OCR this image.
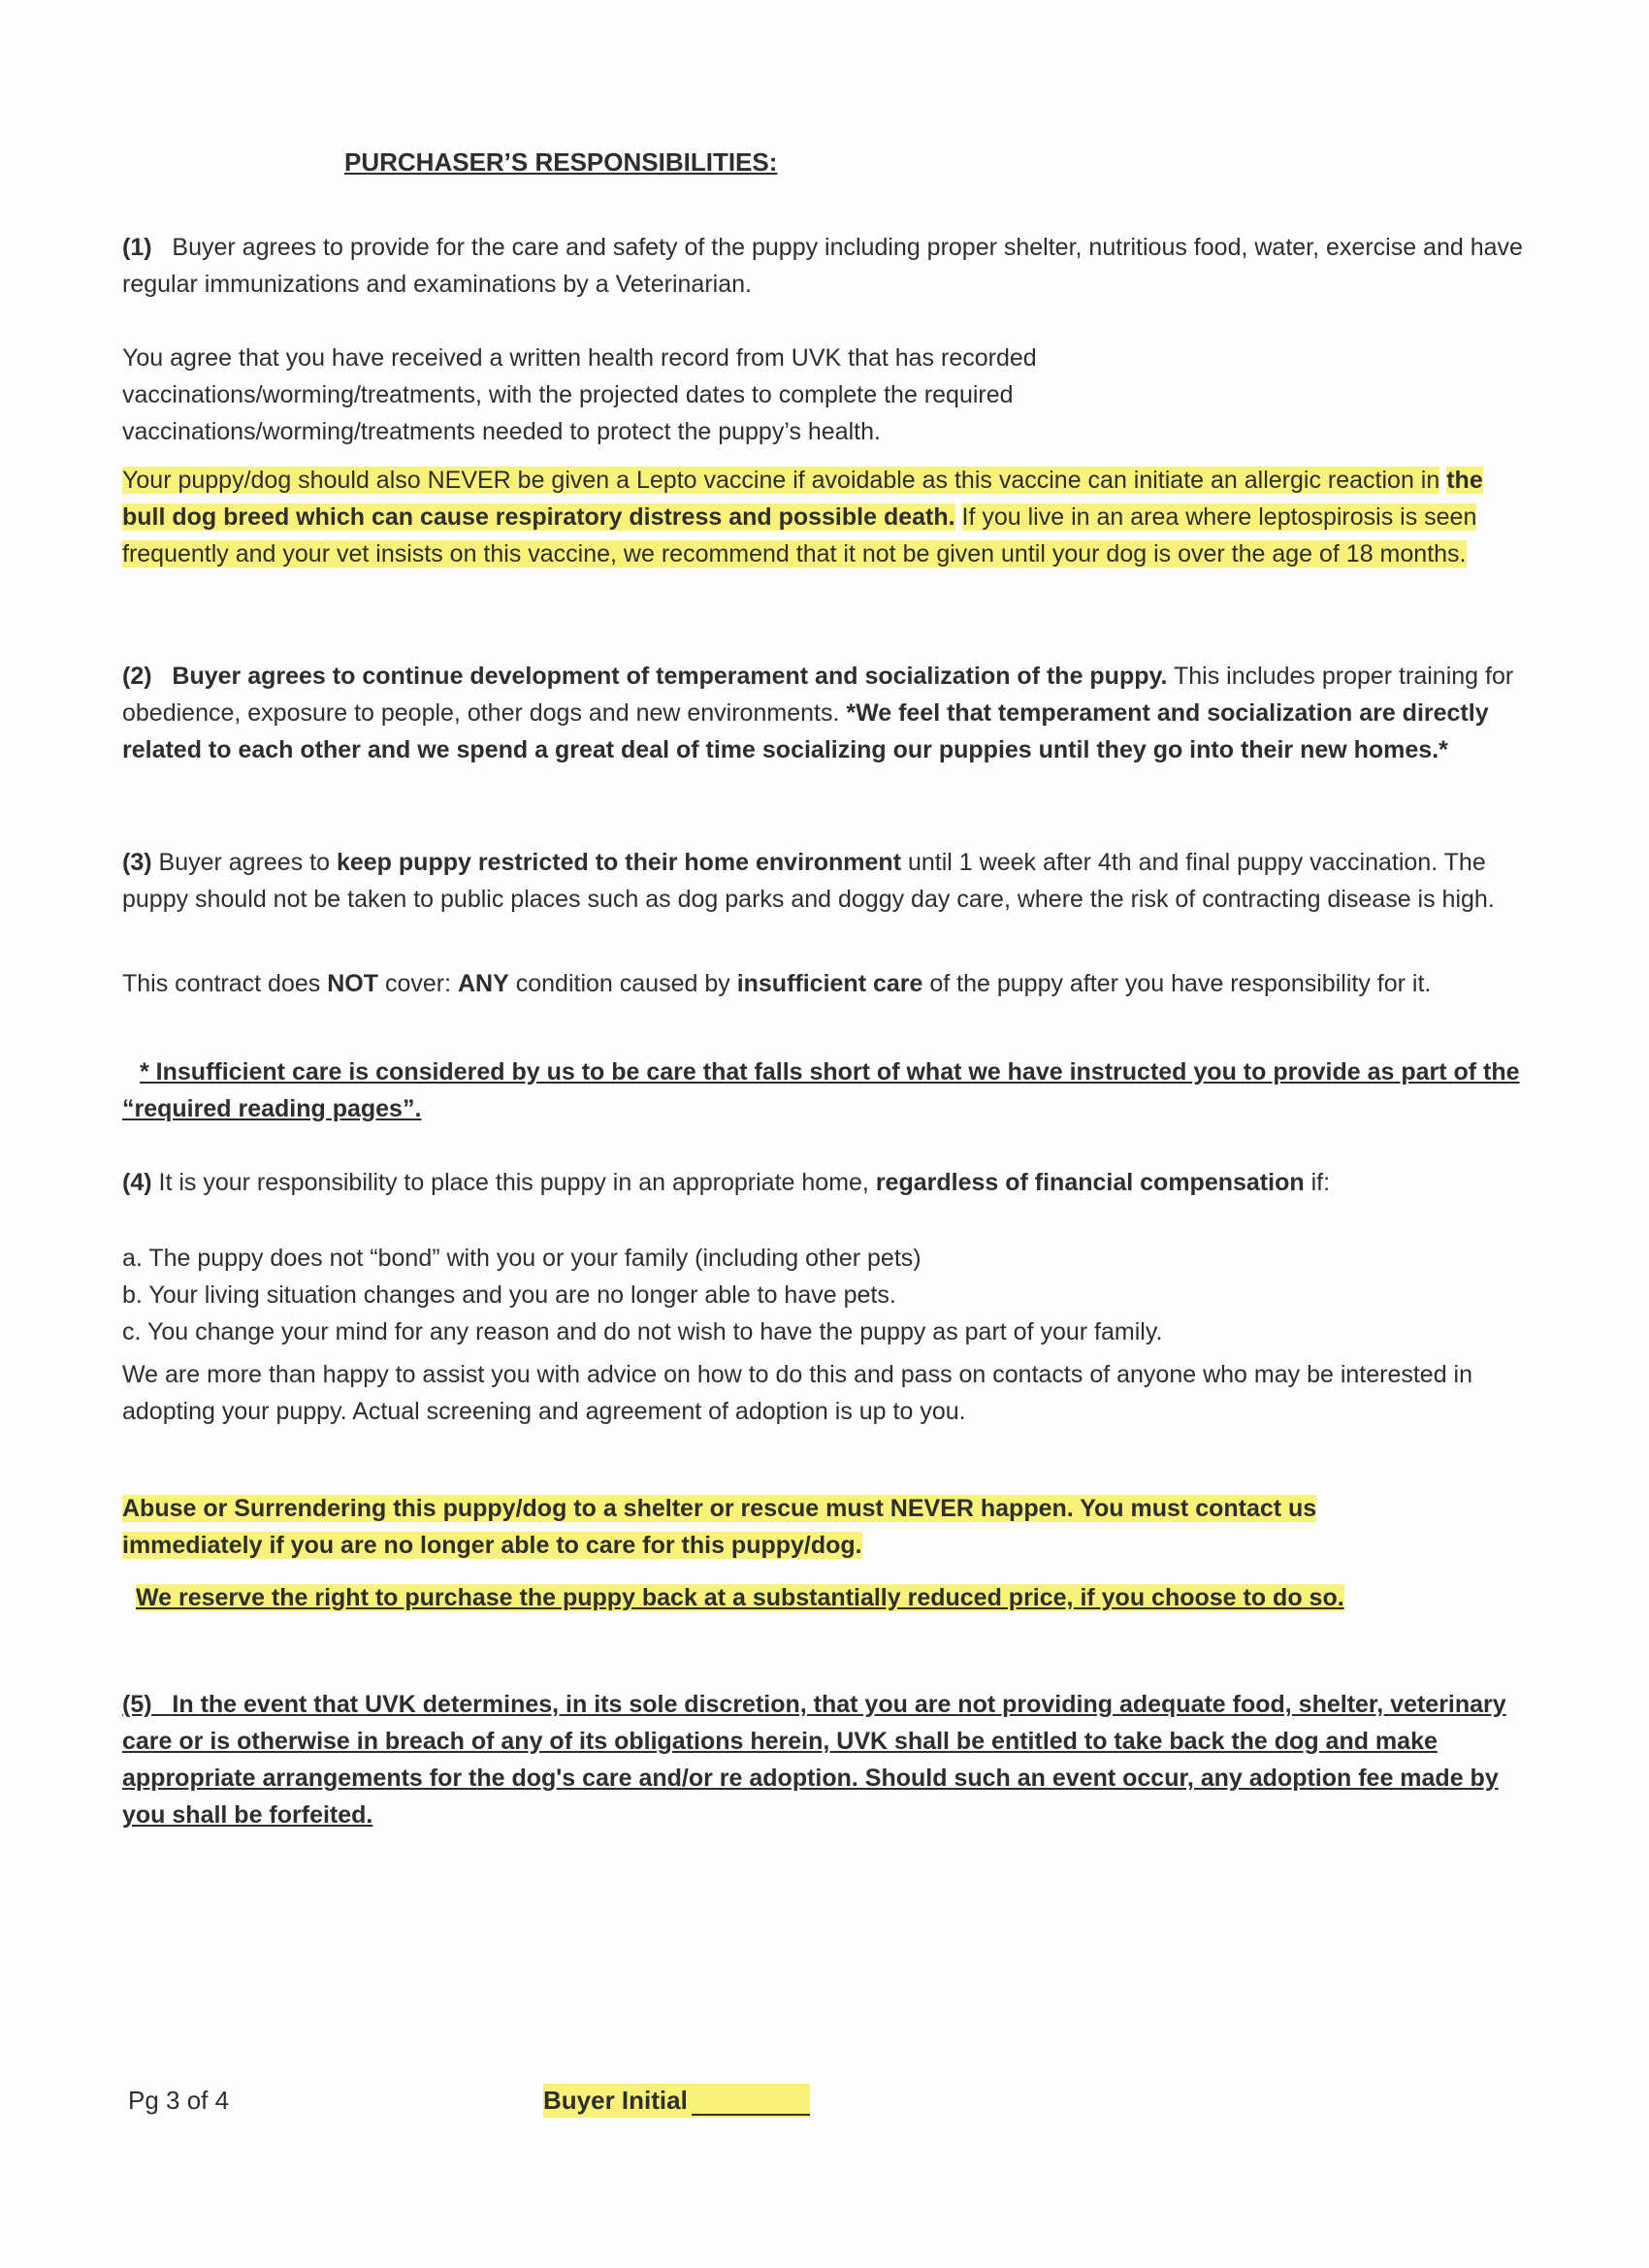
PURCHASER’S RESPONSIBILITIES:

(1) Buyer agrees to provide for the care and safety of the puppy including proper shelter, nutritious food, water, exercise and have regular immunizations and examinations by a Veterinarian.

You agree that you have received a written health record from UVK that has recorded vaccinations/worming/treatments, with the projected dates to complete the required vaccinations/worming/treatments needed to protect the puppy’s health.

Your puppy/dog should also NEVER be given a Lepto vaccine if avoidable as this vaccine can initiate an allergic reaction in the bull dog breed which can cause respiratory distress and possible death. If you live in an area where leptospirosis is seen frequently and your vet insists on this vaccine, we recommend that it not be given until your dog is over the age of 18 months.

(2) Buyer agrees to continue development of temperament and socialization of the puppy. This includes proper training for obedience, exposure to people, other dogs and new environments. *We feel that temperament and socialization are directly related to each other and we spend a great deal of time socializing our puppies until they go into their new homes.*

(3) Buyer agrees to keep puppy restricted to their home environment until 1 week after 4th and final puppy vaccination. The puppy should not be taken to public places such as dog parks and doggy day care, where the risk of contracting disease is high.

This contract does NOT cover: ANY condition caused by insufficient care of the puppy after you have responsibility for it.

* Insufficient care is considered by us to be care that falls short of what we have instructed you to provide as part of the “required reading pages”.

(4) It is your responsibility to place this puppy in an appropriate home, regardless of financial compensation if:

a. The puppy does not “bond” with you or your family (including other pets)
b. Your living situation changes and you are no longer able to have pets.
c. You change your mind for any reason and do not wish to have the puppy as part of your family.

We are more than happy to assist you with advice on how to do this and pass on contacts of anyone who may be interested in adopting your puppy. Actual screening and agreement of adoption is up to you.

Abuse or Surrendering this puppy/dog to a shelter or rescue must NEVER happen. You must contact us immediately if you are no longer able to care for this puppy/dog.

We reserve the right to purchase the puppy back at a substantially reduced price, if you choose to do so.

(5) In the event that UVK determines, in its sole discretion, that you are not providing adequate food, shelter, veterinary care or is otherwise in breach of any of its obligations herein, UVK shall be entitled to take back the dog and make appropriate arrangements for the dog's care and/or re adoption. Should such an event occur, any adoption fee made by you shall be forfeited.

Pg 3 of 4	Buyer Initial
